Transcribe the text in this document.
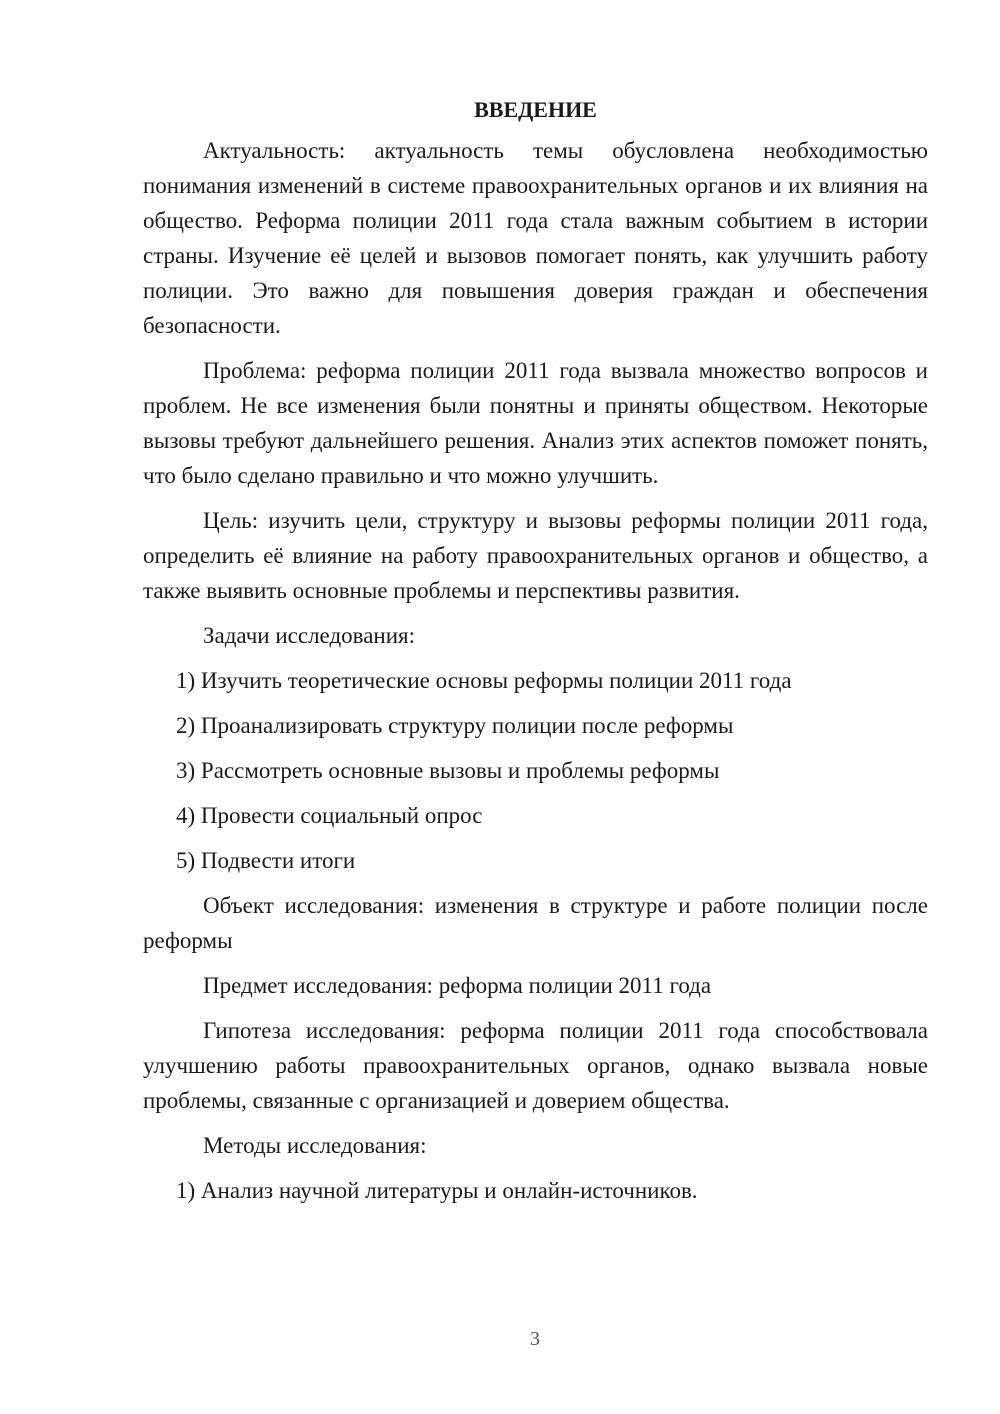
ВВЕДЕНИЕ

Актуальность: актуальность темы обусловлена необходимостью понимания изменений в системе правоохранительных органов и их влияния на общество. Реформа полиции 2011 года стала важным событием в истории страны. Изучение её целей и вызовов помогает понять, как улучшить работу полиции. Это важно для повышения доверия граждан и обеспечения безопасности.

Проблема: реформа полиции 2011 года вызвала множество вопросов и проблем. Не все изменения были понятны и приняты обществом. Некоторые вызовы требуют дальнейшего решения. Анализ этих аспектов поможет понять, что было сделано правильно и что можно улучшить.

Цель: изучить цели, структуру и вызовы реформы полиции 2011 года, определить её влияние на работу правоохранительных органов и общество, а также выявить основные проблемы и перспективы развития.

Задачи исследования:

1) Изучить теоретические основы реформы полиции 2011 года

2) Проанализировать структуру полиции после реформы

3) Рассмотреть основные вызовы и проблемы реформы

4) Провести социальный опрос

5) Подвести итоги

Объект исследования: изменения в структуре и работе полиции после реформы

Предмет исследования: реформа полиции 2011 года

Гипотеза исследования: реформа полиции 2011 года способствовала улучшению работы правоохранительных органов, однако вызвала новые проблемы, связанные с организацией и доверием общества.

Методы исследования:

1) Анализ научной литературы и онлайн-источников.

3
